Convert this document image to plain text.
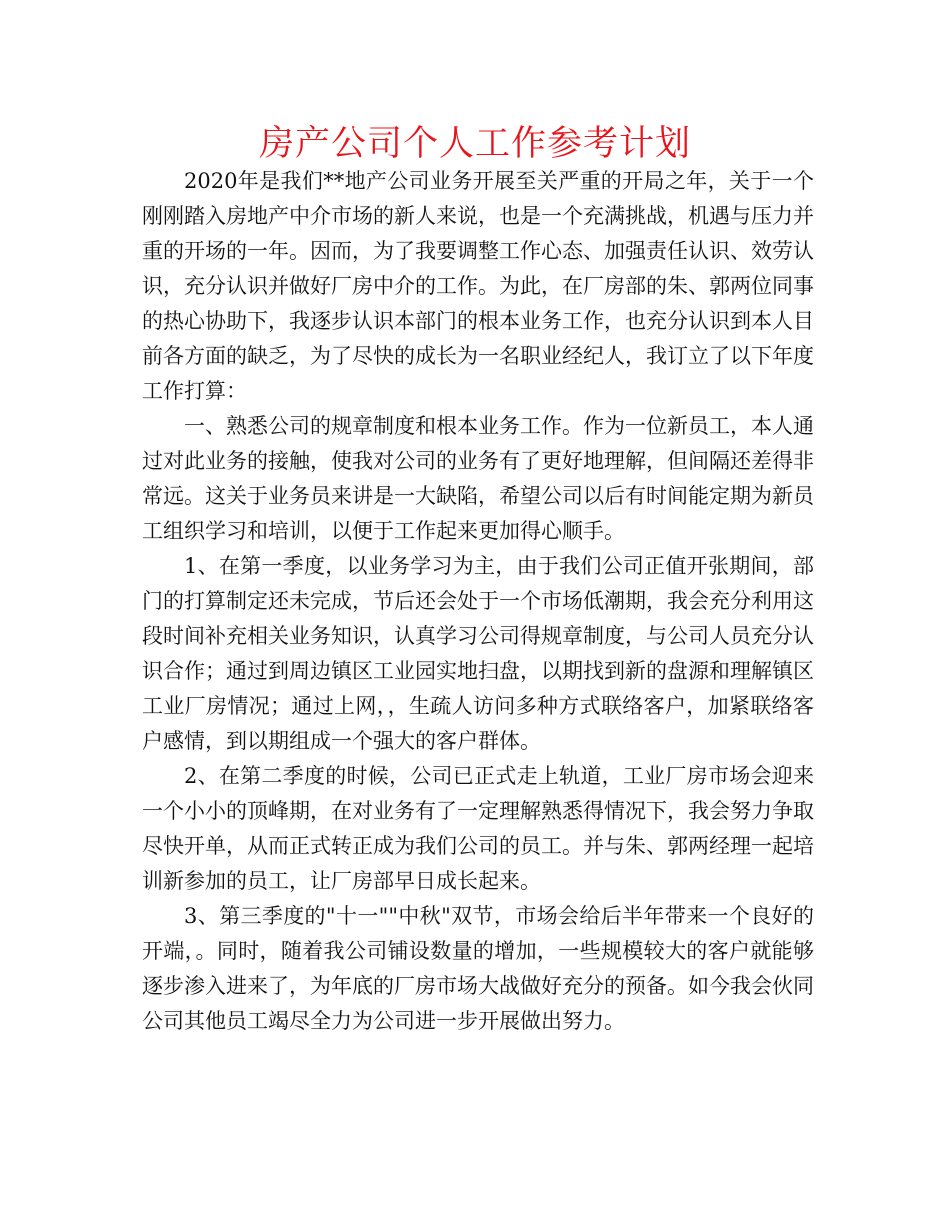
房产公司个人工作参考计划

2020年是我们**地产公司业务开展至关严重的开局之年，关于一个刚刚踏入房地产中介市场的新人来说，也是一个充满挑战，机遇与压力并重的开场的一年。因而，为了我要调整工作心态、加强责任认识、效劳认识，充分认识并做好厂房中介的工作。为此，在厂房部的朱、郭两位同事的热心协助下，我逐步认识本部门的根本业务工作，也充分认识到本人目前各方面的缺乏，为了尽快的成长为一名职业经纪人，我订立了以下年度工作打算：

一、熟悉公司的规章制度和根本业务工作。作为一位新员工，本人通过对此业务的接触，使我对公司的业务有了更好地理解，但间隔还差得非常远。这关于业务员来讲是一大缺陷，希望公司以后有时间能定期为新员工组织学习和培训，以便于工作起来更加得心顺手。

1、在第一季度，以业务学习为主，由于我们公司正值开张期间，部门的打算制定还未完成，节后还会处于一个市场低潮期，我会充分利用这段时间补充相关业务知识，认真学习公司得规章制度，与公司人员充分认识合作；通过到周边镇区工业园实地扫盘，以期找到新的盘源和理解镇区工业厂房情况；通过上网，，生疏人访问多种方式联络客户，加紧联络客户感情，到以期组成一个强大的客户群体。

2、在第二季度的时候，公司已正式走上轨道，工业厂房市场会迎来一个小小的顶峰期，在对业务有了一定理解熟悉得情况下，我会努力争取尽快开单，从而正式转正成为我们公司的员工。并与朱、郭两经理一起培训新参加的员工，让厂房部早日成长起来。

3、第三季度的"十一""中秋"双节，市场会给后半年带来一个良好的开端，。同时，随着我公司铺设数量的增加，一些规模较大的客户就能够逐步渗入进来了，为年底的厂房市场大战做好充分的预备。如今我会伙同公司其他员工竭尽全力为公司进一步开展做出努力。
